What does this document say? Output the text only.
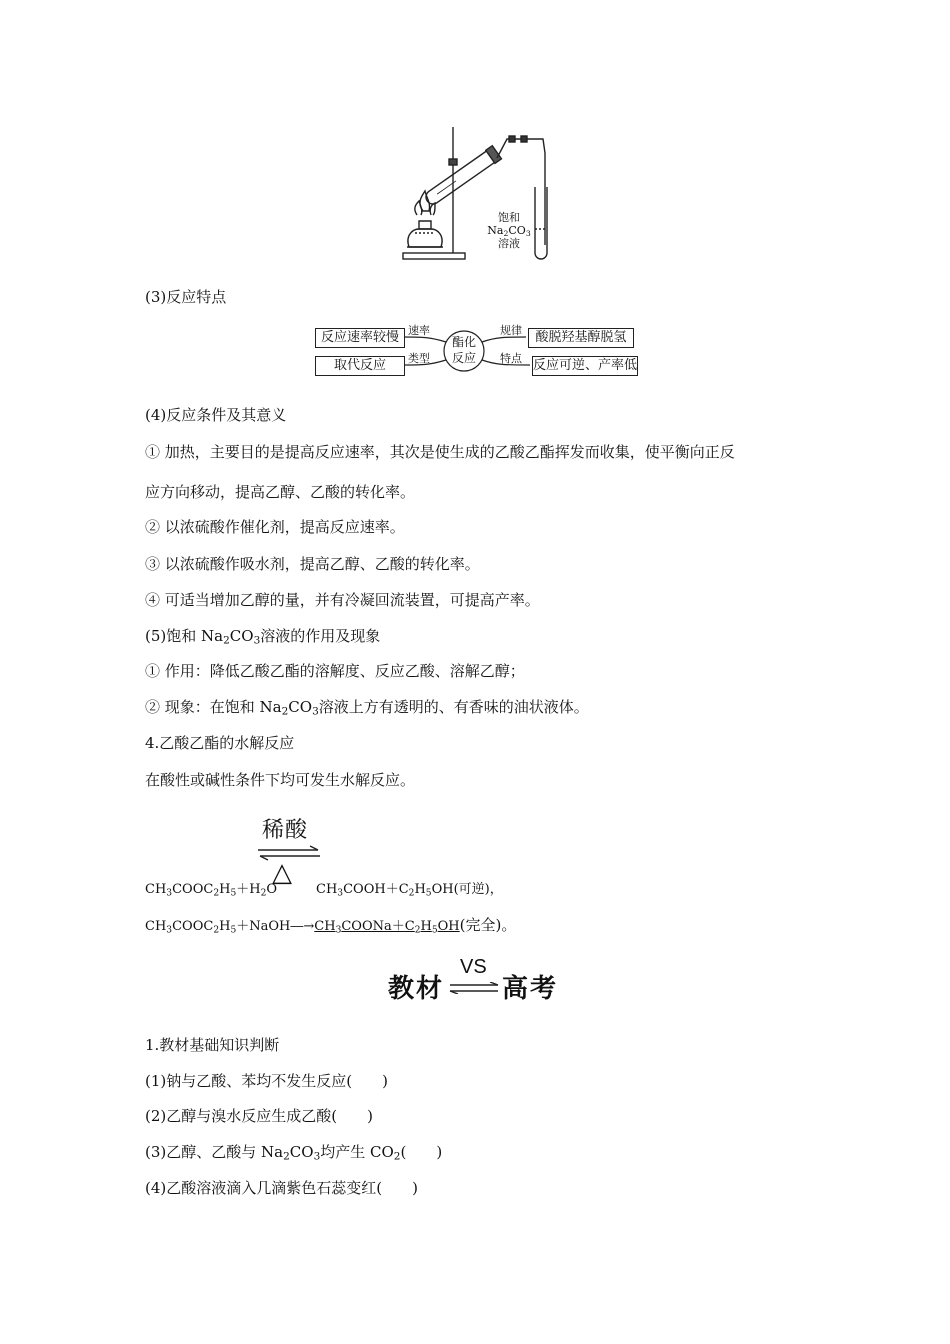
饱和
$Na_2CO_3$
溶液
(3)反应特点
酯化
反应
反应速率较慢
取代反应
酸脱羟基醇脱氢
反应可逆、产率低
速率
类型
规律
特点
(4)反应条件及其意义
① 加热，主要目的是提高反应速率，其次是使生成的乙酸乙酯挥发而收集，使平衡向正反
应方向移动，提高乙醇、乙酸的转化率。
② 以浓硫酸作催化剂，提高反应速率。
③ 以浓硫酸作吸水剂，提高乙醇、乙酸的转化率。
④ 可适当增加乙醇的量，并有冷凝回流装置，可提高产率。
(5)饱和 $Na_2CO_3$溶液的作用及现象
① 作用：降低乙酸乙酯的溶解度、反应乙酸、溶解乙醇；
② 现象：在饱和 $Na_2CO_3$溶液上方有透明的、有香味的油状液体。
4.乙酸乙酯的水解反应
在酸性或碱性条件下均可发生水解反应。
稀酸
△
$CH_3COOC_2H_5+H_2O$	$CH_3COOH+C_2H_5OH$(可逆)，
$CH_3COOC_2H_5+NaOH―\to CH_3COONa+C_2H_5OH$(完全)。
教材
VS
高考
1.教材基础知识判断
(1)钠与乙酸、苯均不发生反应(　　)
(2)乙醇与溴水反应生成乙酸(　　)
(3)乙醇、乙酸与 $Na_2CO_3$均产生 $CO_2$(　　)
(4)乙酸溶液滴入几滴紫色石蕊变红(　　)
